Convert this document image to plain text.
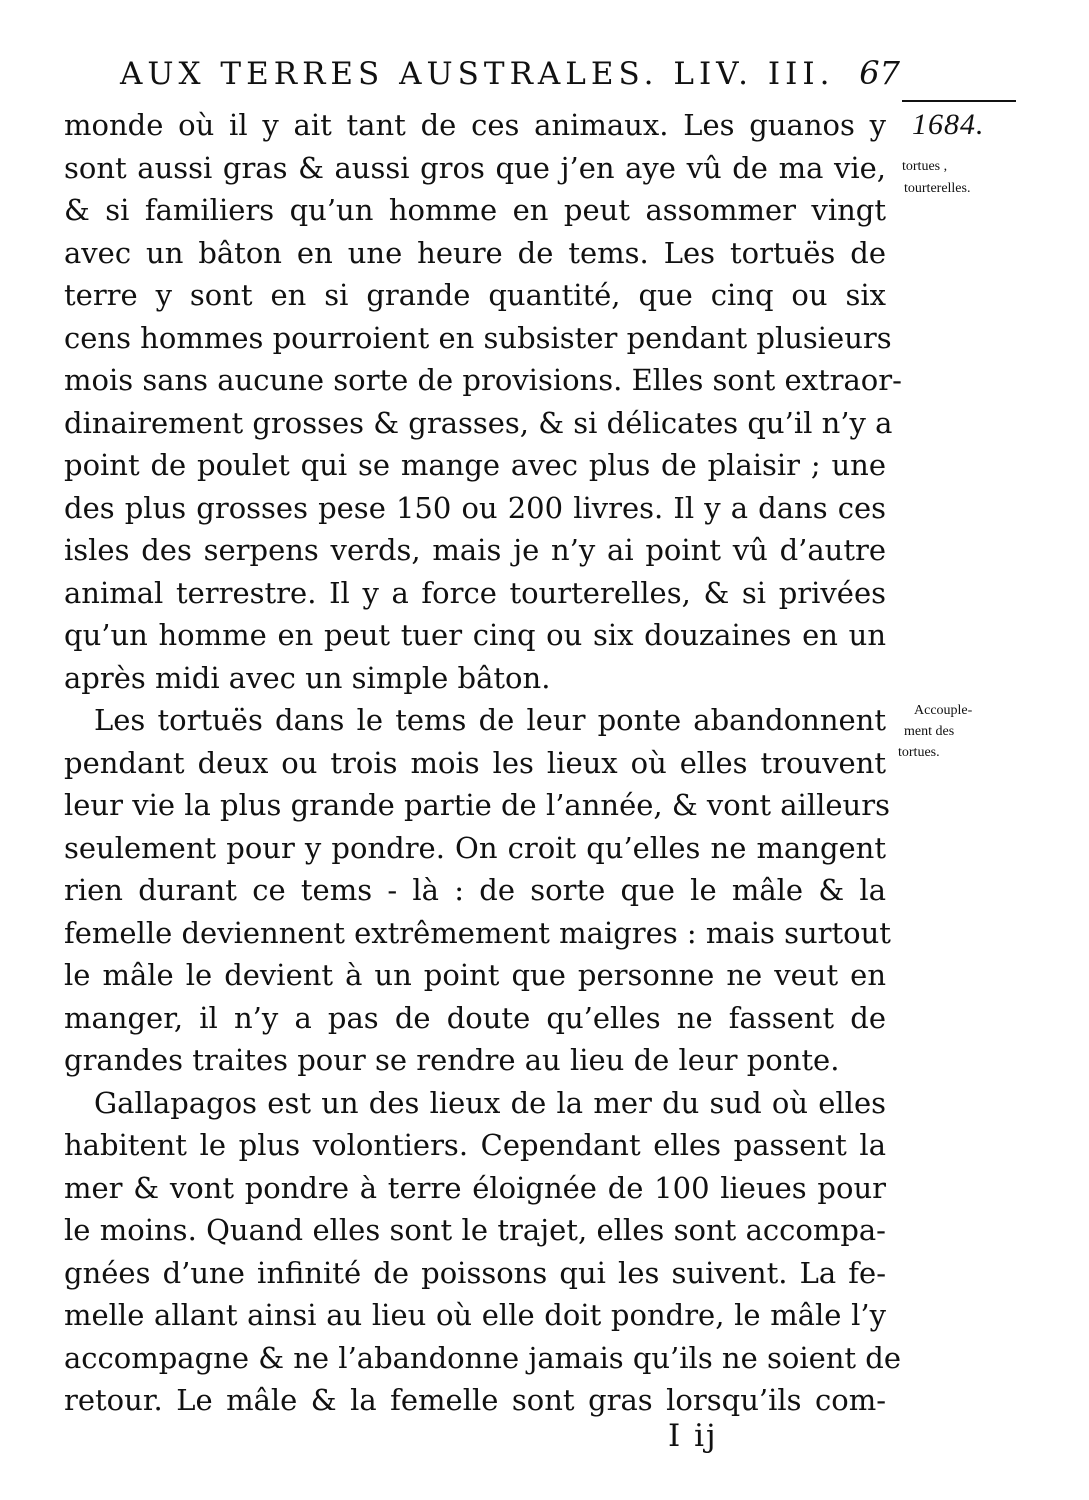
AUX TERRES AUSTRALES. LIV. III. 67
1684.
tortues ,
tourterelles.
Accouple-
ment des
tortues.
monde où il y ait tant de ces animaux. Les guanos y
sont aussi gras & aussi gros que j’en aye vû de ma vie,
& si familiers qu’un homme en peut assommer vingt
avec un bâton en une heure de tems. Les tortuës de
terre y sont en si grande quantité, que cinq ou six
cens hommes pourroient en subsister pendant plusieurs
mois sans aucune sorte de provisions. Elles sont extraor-
dinairement grosses & grasses, & si délicates qu’il n’y a
point de poulet qui se mange avec plus de plaisir ; une
des plus grosses pese 150 ou 200 livres. Il y a dans ces
isles des serpens verds, mais je n’y ai point vû d’autre
animal terrestre. Il y a force tourterelles, & si privées
qu’un homme en peut tuer cinq ou six douzaines en un
après midi avec un simple bâton.
Les tortuës dans le tems de leur ponte abandonnent
pendant deux ou trois mois les lieux où elles trouvent
leur vie la plus grande partie de l’année, & vont ailleurs
seulement pour y pondre. On croit qu’elles ne mangent
rien durant ce tems - là : de sorte que le mâle & la
femelle deviennent extrêmement maigres : mais surtout
le mâle le devient à un point que personne ne veut en
manger, il n’y a pas de doute qu’elles ne fassent de
grandes traites pour se rendre au lieu de leur ponte.
Gallapagos est un des lieux de la mer du sud où elles
habitent le plus volontiers. Cependant elles passent la
mer & vont pondre à terre éloignée de 100 lieues pour
le moins. Quand elles sont le trajet, elles sont accompa-
gnées d’une infinité de poissons qui les suivent. La fe-
melle allant ainsi au lieu où elle doit pondre, le mâle l’y
accompagne & ne l’abandonne jamais qu’ils ne soient de
retour. Le mâle & la femelle sont gras lorsqu’ils com-
I ij
